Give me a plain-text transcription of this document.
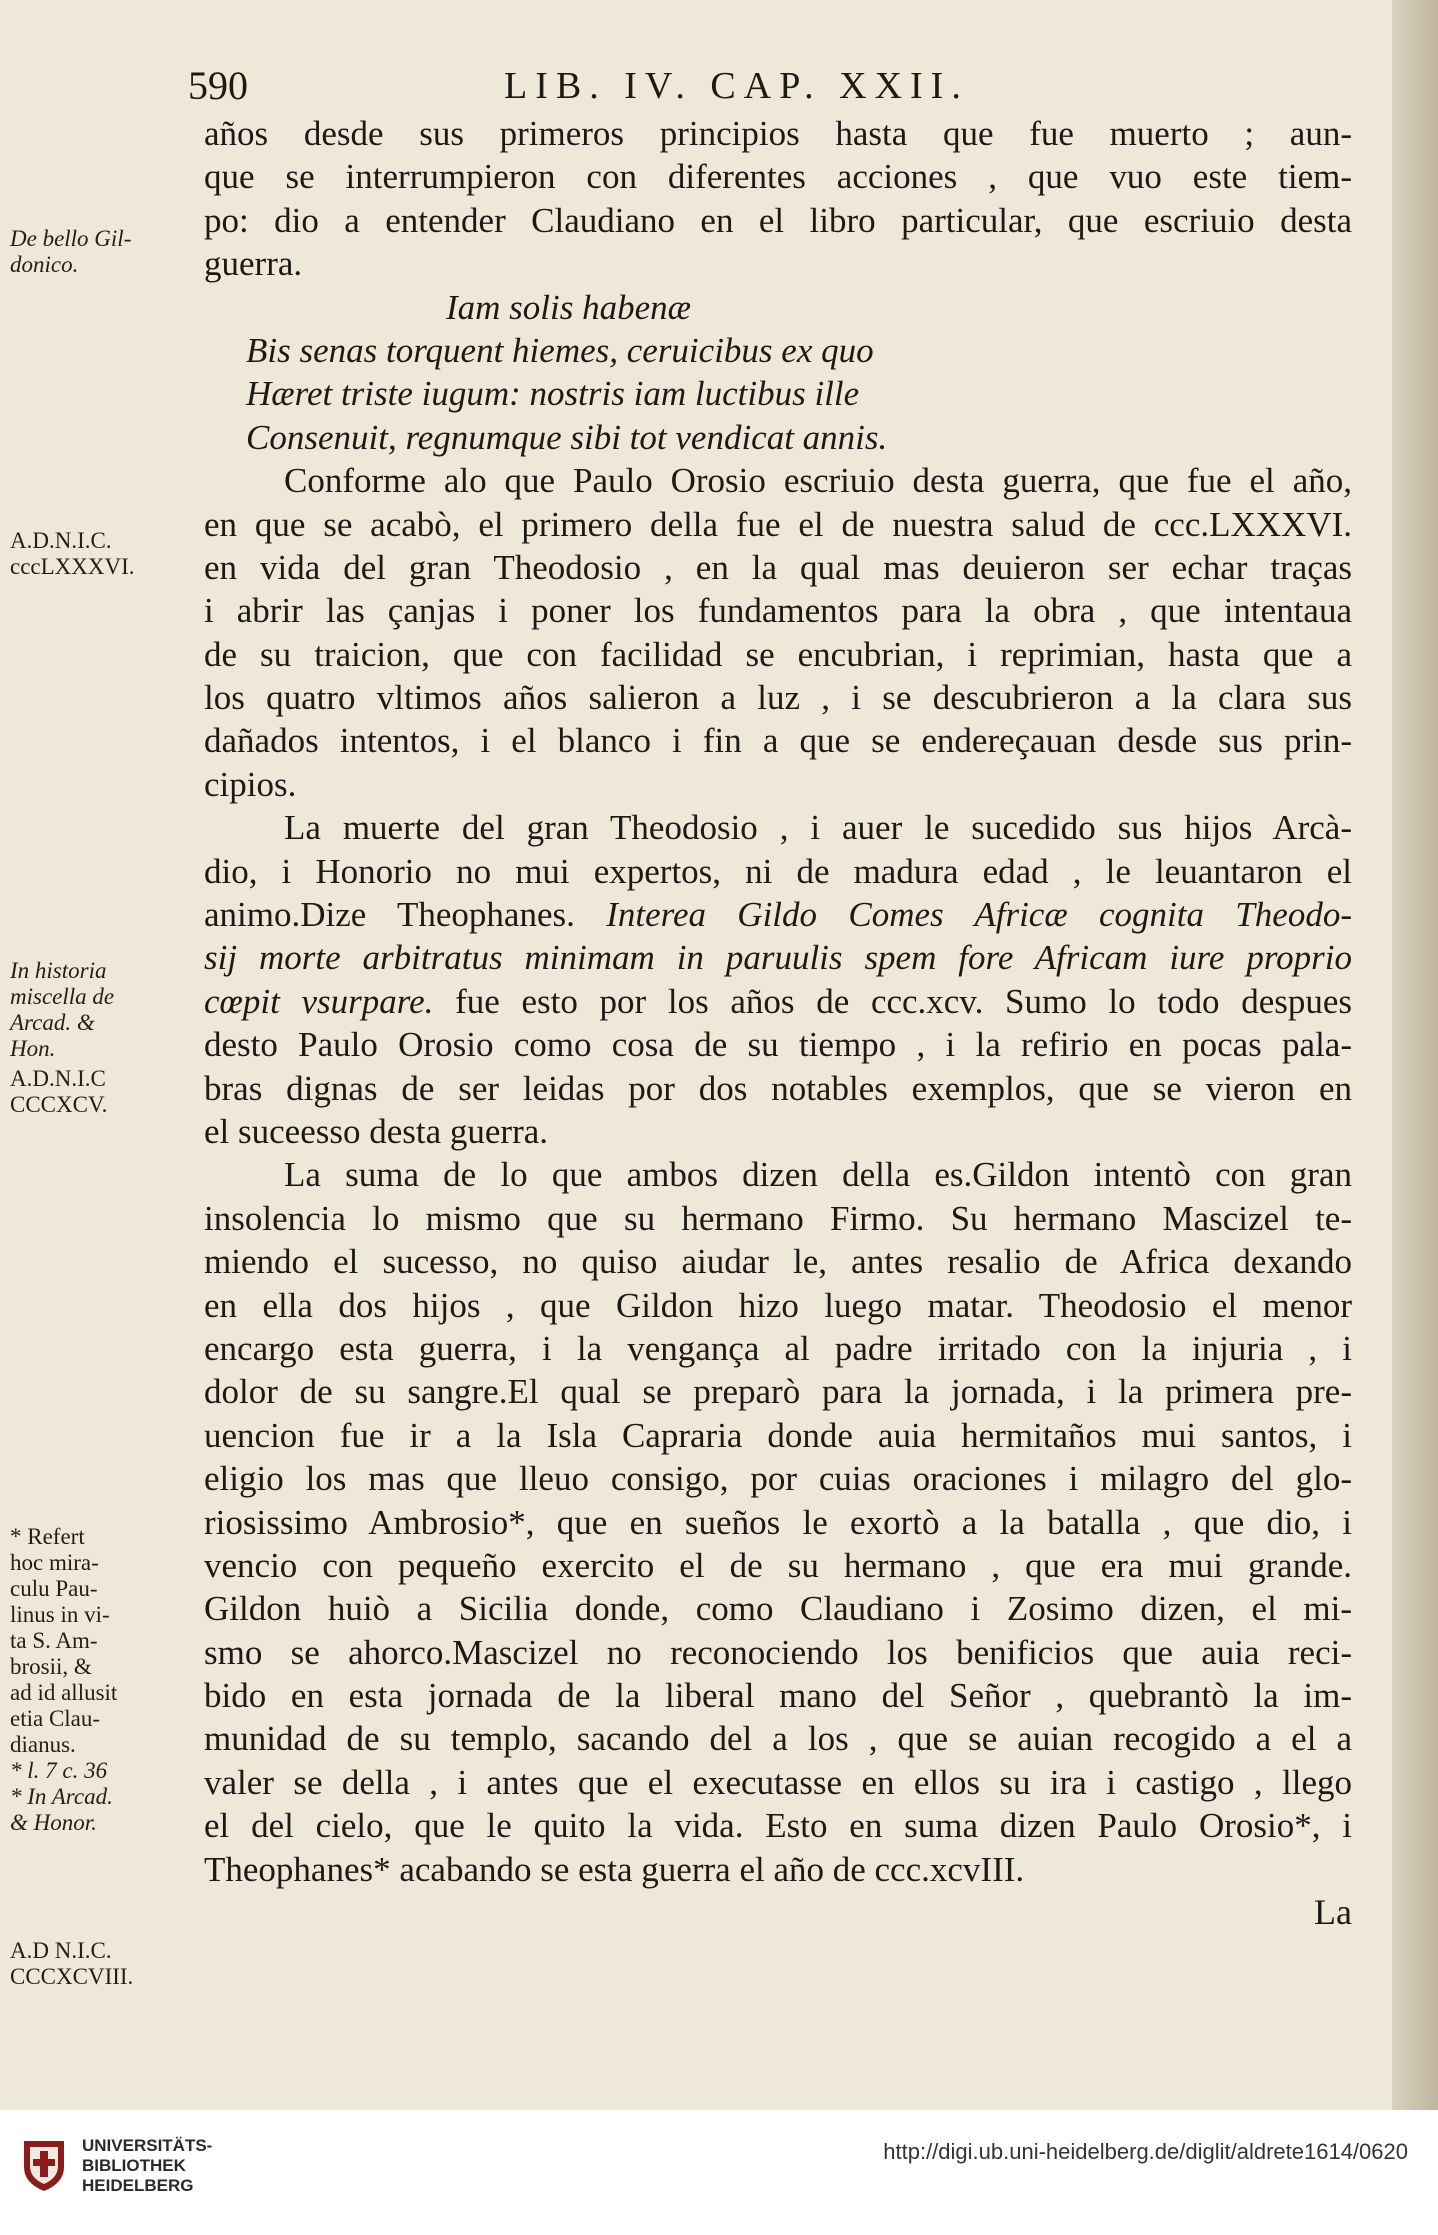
590	LIB. IV. CAP. XXII.
años desde sus primeros principios hasta que fue muerto ; aun-
que se interrumpieron con diferentes acciones , que vuo este tiem-
po: dio a entender Claudiano en el libro particular, que escriuio desta
guerra.
Iam solis habenæ
Bis senas torquent hiemes, ceruicibus ex quo
Hæret triste iugum: nostris iam luctibus ille
Consenuit, regnumque sibi tot vendicat annis.
Conforme alo que Paulo Orosio escriuio desta guerra, que fue el año,
en que se acabò, el primero della fue el de nuestra salud de ccc.LXXXVI.
en vida del gran Theodosio , en la qual mas deuieron ser echar traças
i abrir las çanjas i poner los fundamentos para la obra , que intentaua
de su traicion, que con facilidad se encubrian, i reprimian, hasta que a
los quatro vltimos años salieron a luz , i se descubrieron a la clara sus
dañados intentos, i el blanco i fin a que se endereçauan desde sus prin-
cipios.
La muerte del gran Theodosio , i auer le sucedido sus hijos Arcà-
dio, i Honorio no mui expertos, ni de madura edad , le leuantaron el
animo.Dize Theophanes. Interea Gildo Comes Africæ cognita Theodo-
sij morte arbitratus minimam in paruulis spem fore Africam iure proprio
cœpit vsurpare. fue esto por los años de ccc.xcv. Sumo lo todo despues
desto Paulo Orosio como cosa de su tiempo , i la refirio en pocas pala-
bras dignas de ser leidas por dos notables exemplos, que se vieron en
el suceesso desta guerra.
La suma de lo que ambos dizen della es.Gildon intentò con gran
insolencia lo mismo que su hermano Firmo. Su hermano Mascizel te-
miendo el sucesso, no quiso aiudar le, antes resalio de Africa dexando
en ella dos hijos , que Gildon hizo luego matar. Theodosio el menor
encargo esta guerra, i la vengança al padre irritado con la injuria , i
dolor de su sangre.El qual se preparò para la jornada, i la primera pre-
uencion fue ir a la Isla Capraria donde auia hermitaños mui santos, i
eligio los mas que lleuo consigo, por cuias oraciones i milagro del glo-
riosissimo Ambrosio*, que en sueños le exortò a la batalla , que dio, i
vencio con pequeño exercito el de su hermano , que era mui grande.
Gildon huiò a Sicilia donde, como Claudiano i Zosimo dizen, el mi-
smo se ahorco.Mascizel no reconociendo los benificios que auia reci-
bido en esta jornada de la liberal mano del Señor , quebrantò la im-
munidad de su templo, sacando del a los , que se auian recogido a el a
valer se della , i antes que el executasse en ellos su ira i castigo , llego
el del cielo, que le quito la vida. Esto en suma dizen Paulo Orosio*, i
Theophanes* acabando se esta guerra el año de ccc.xcvIII.
La
De bello Gil-
donico.
A.D.N.I.C.
cccLXXXVI.
In historia
miscella de
Arcad. &
Hon.
A.D.N.I.C
CCCXCV.
* Refert
hoc mira-
culu Pau-
linus in vi-
ta S. Am-
brosii, &
ad id allusit
etia Clau-
dianus.
* l. 7 c. 36
* In Arcad.
& Honor.
A.D N.I.C.
CCCXCVIII.
UNIVERSITÄTS-
BIBLIOTHEK
HEIDELBERG
http://digi.ub.uni-heidelberg.de/diglit/aldrete1614/0620
